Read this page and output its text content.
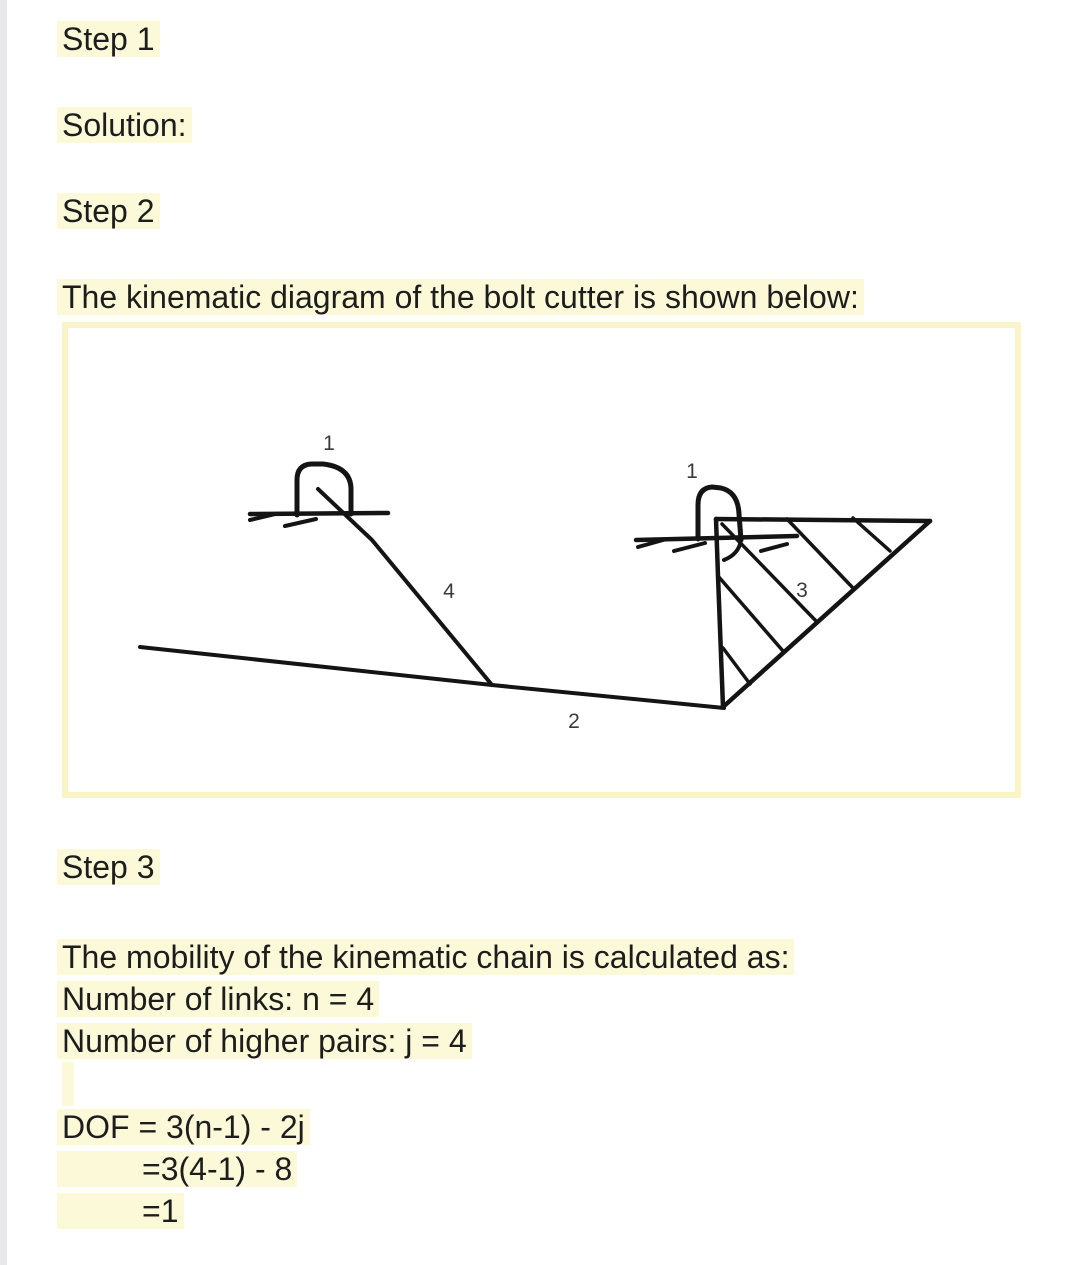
Step 1

Solution:

Step 2

The kinematic diagram of the bolt cutter is shown below:

1
1
4
2
3

Step 3

The mobility of the kinematic chain is calculated as:
Number of links: n = 4
Number of higher pairs: j = 4
DOF = 3(n-1) - 2j
=3(4-1) - 8
=1
